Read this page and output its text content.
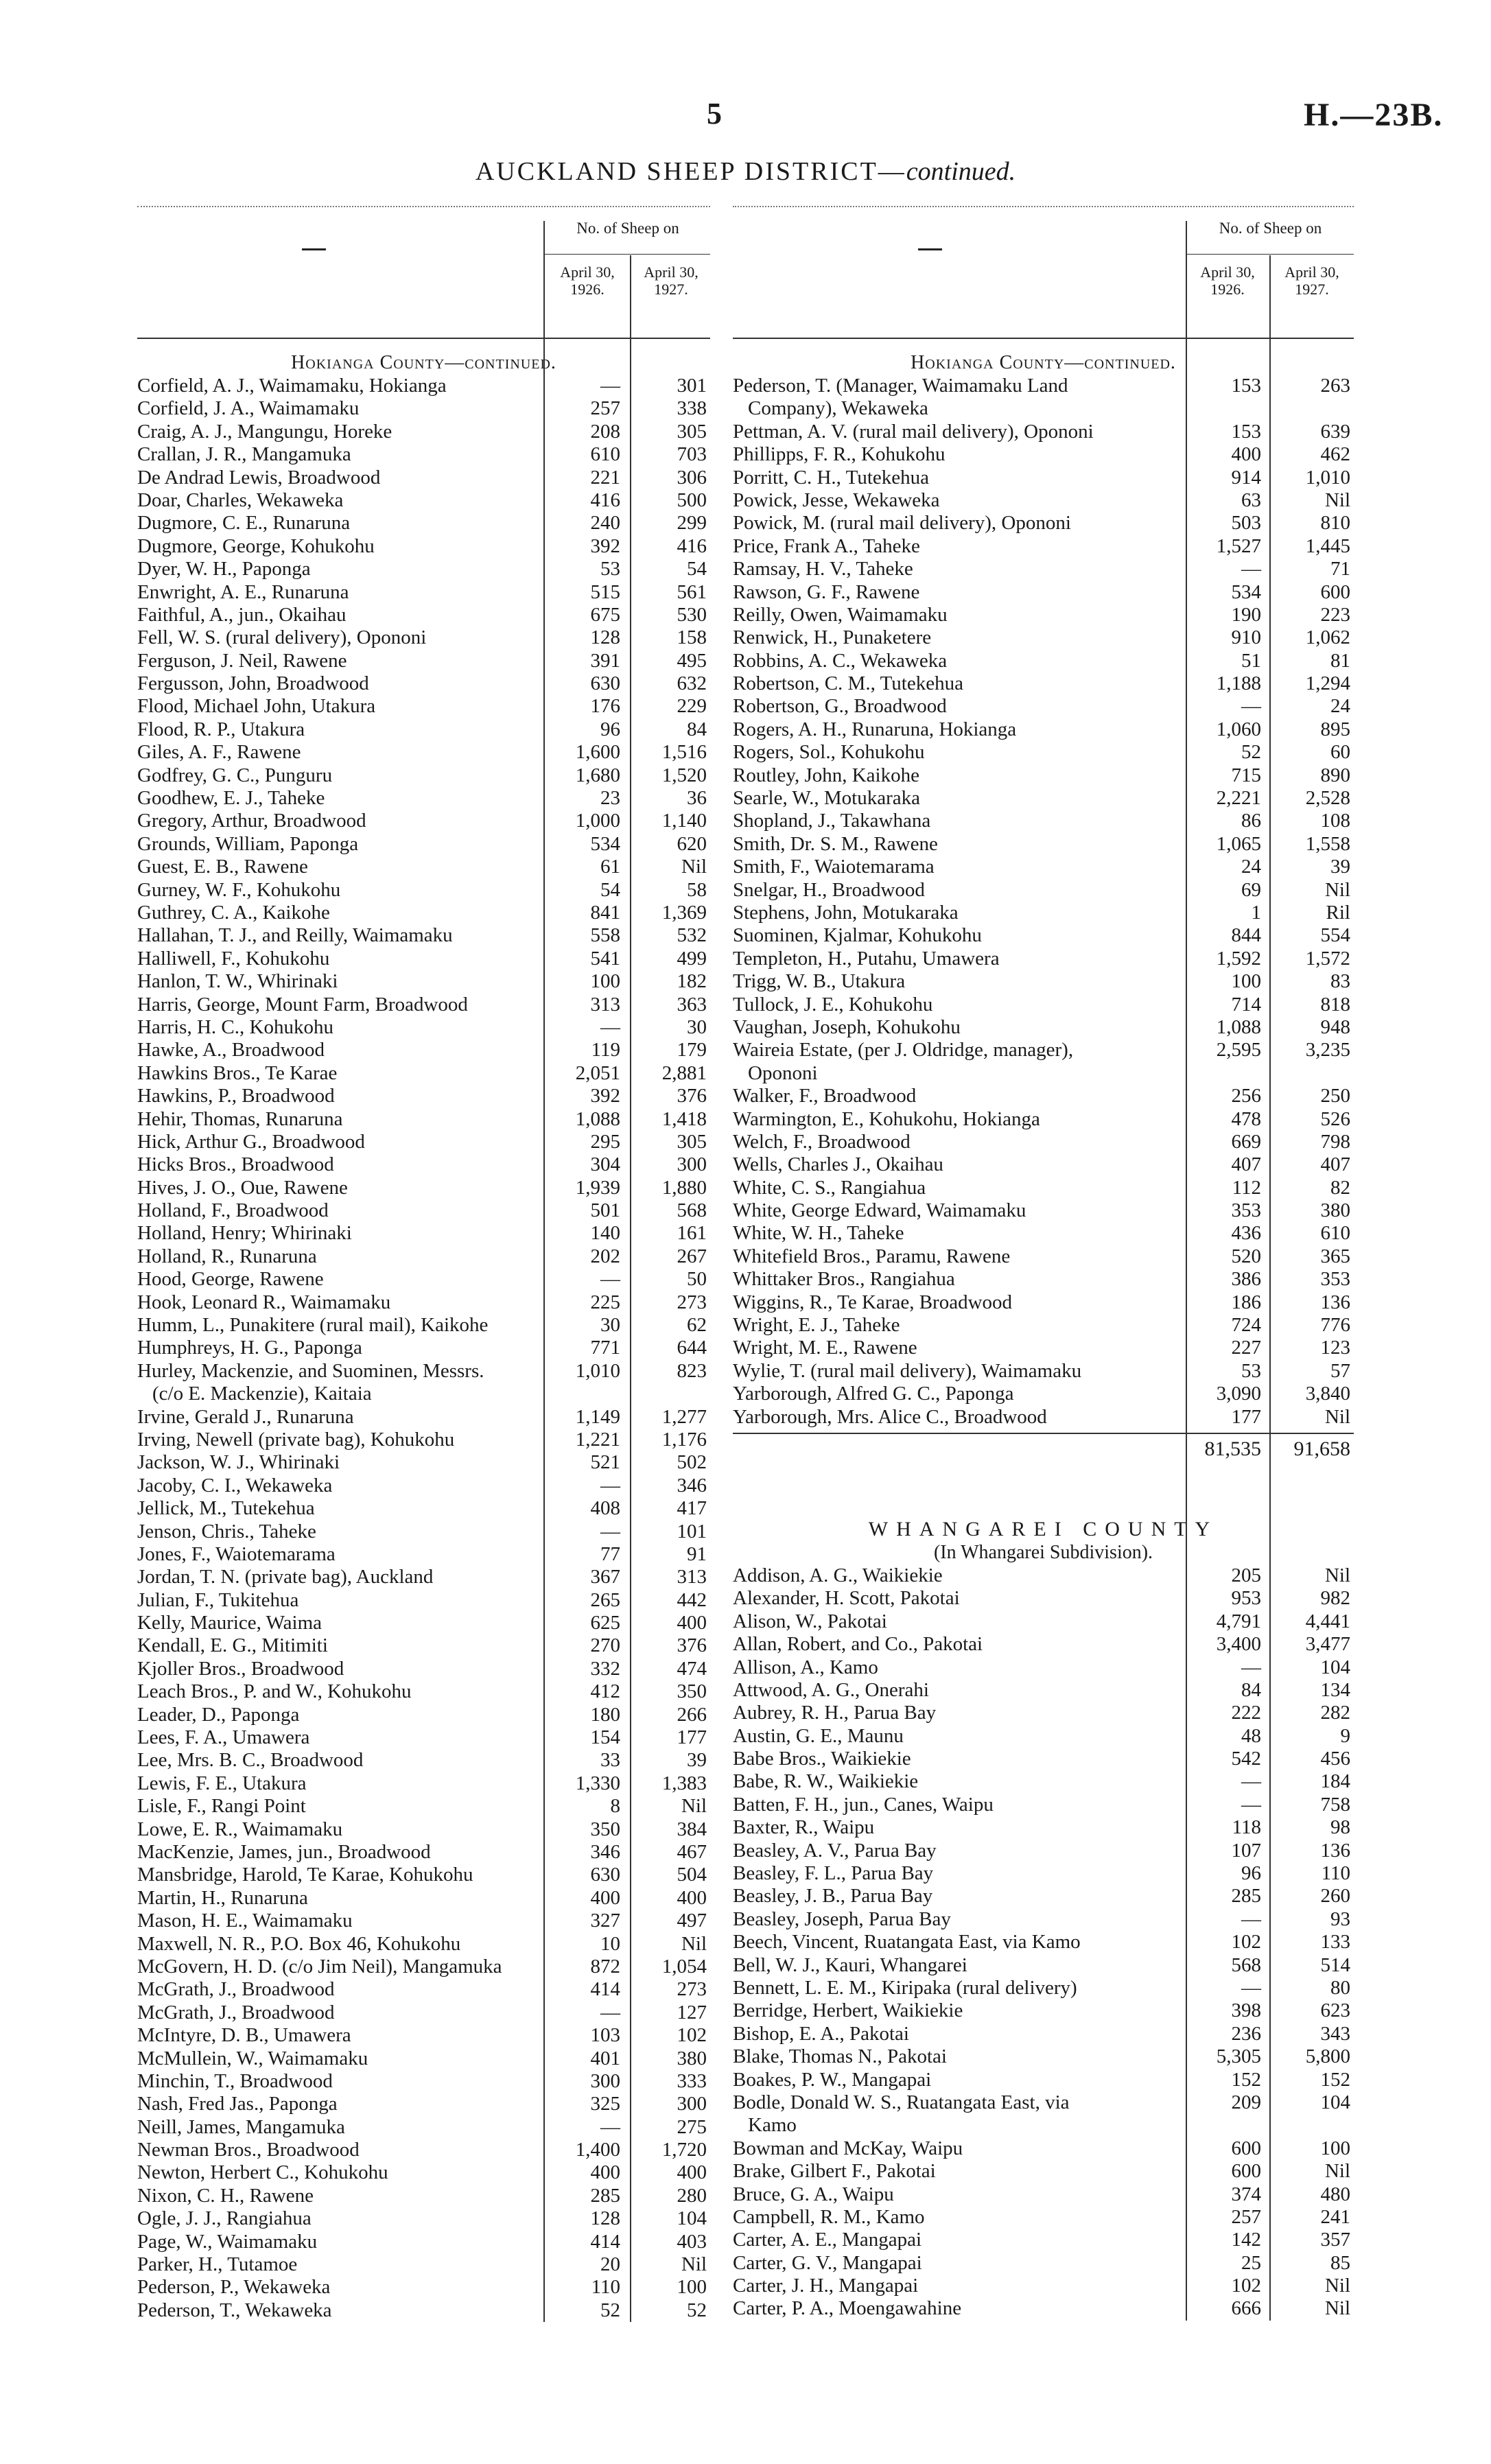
5	H.—23B.
AUCKLAND SHEEP DISTRICT—continued.
No. of Sheep on
April 30, 1926.
April 30, 1927.
Hokianga County—continued.
Corfield, A. J., Waimamaku, Hokianga	—	301
Corfield, J. A., Waimamaku	257	338
Craig, A. J., Mangungu, Horeke	208	305
Crallan, J. R., Mangamuka	610	703
De Andrad Lewis, Broadwood	221	306
Doar, Charles, Wekaweka	416	500
Dugmore, C. E., Runaruna	240	299
Dugmore, George, Kohukohu	392	416
Dyer, W. H., Paponga	53	54
Enwright, A. E., Runaruna	515	561
Faithful, A., jun., Okaihau	675	530
Fell, W. S. (rural delivery), Opononi	128	158
Ferguson, J. Neil, Rawene	391	495
Fergusson, John, Broadwood	630	632
Flood, Michael John, Utakura	176	229
Flood, R. P., Utakura	96	84
Giles, A. F., Rawene	1,600	1,516
Godfrey, G. C., Punguru	1,680	1,520
Goodhew, E. J., Taheke	23	36
Gregory, Arthur, Broadwood	1,000	1,140
Grounds, William, Paponga	534	620
Guest, E. B., Rawene	61	Nil
Gurney, W. F., Kohukohu	54	58
Guthrey, C. A., Kaikohe	841	1,369
Hallahan, T. J., and Reilly, Waimamaku	558	532
Halliwell, F., Kohukohu	541	499
Hanlon, T. W., Whirinaki	100	182
Harris, George, Mount Farm, Broadwood	313	363
Harris, H. C., Kohukohu	—	30
Hawke, A., Broadwood	119	179
Hawkins Bros., Te Karae	2,051	2,881
Hawkins, P., Broadwood	392	376
Hehir, Thomas, Runaruna	1,088	1,418
Hick, Arthur G., Broadwood	295	305
Hicks Bros., Broadwood	304	300
Hives, J. O., Oue, Rawene	1,939	1,880
Holland, F., Broadwood	501	568
Holland, Henry; Whirinaki	140	161
Holland, R., Runaruna	202	267
Hood, George, Rawene	—	50
Hook, Leonard R., Waimamaku	225	273
Humm, L., Punakitere (rural mail), Kaikohe	30	62
Humphreys, H. G., Paponga	771	644
Hurley, Mackenzie, and Suominen, Messrs.	1,010	823
(c/o E. Mackenzie), Kaitaia
Irvine, Gerald J., Runaruna	1,149	1,277
Irving, Newell (private bag), Kohukohu	1,221	1,176
Jackson, W. J., Whirinaki	521	502
Jacoby, C. I., Wekaweka	—	346
Jellick, M., Tutekehua	408	417
Jenson, Chris., Taheke	—	101
Jones, F., Waiotemarama	77	91
Jordan, T. N. (private bag), Auckland	367	313
Julian, F., Tukitehua	265	442
Kelly, Maurice, Waima	625	400
Kendall, E. G., Mitimiti	270	376
Kjoller Bros., Broadwood	332	474
Leach Bros., P. and W., Kohukohu	412	350
Leader, D., Paponga	180	266
Lees, F. A., Umawera	154	177
Lee, Mrs. B. C., Broadwood	33	39
Lewis, F. E., Utakura	1,330	1,383
Lisle, F., Rangi Point	8	Nil
Lowe, E. R., Waimamaku	350	384
MacKenzie, James, jun., Broadwood	346	467
Mansbridge, Harold, Te Karae, Kohukohu	630	504
Martin, H., Runaruna	400	400
Mason, H. E., Waimamaku	327	497
Maxwell, N. R., P.O. Box 46, Kohukohu	10	Nil
McGovern, H. D. (c/o Jim Neil), Mangamuka	872	1,054
McGrath, J., Broadwood	414	273
McGrath, J., Broadwood	—	127
McIntyre, D. B., Umawera	103	102
McMullein, W., Waimamaku	401	380
Minchin, T., Broadwood	300	333
Nash, Fred Jas., Paponga	325	300
Neill, James, Mangamuka	—	275
Newman Bros., Broadwood	1,400	1,720
Newton, Herbert C., Kohukohu	400	400
Nixon, C. H., Rawene	285	280
Ogle, J. J., Rangiahua	128	104
Page, W., Waimamaku	414	403
Parker, H., Tutamoe	20	Nil
Pederson, P., Wekaweka	110	100
Pederson, T., Wekaweka	52	52
No. of Sheep on
April 30, 1926.
April 30, 1927.
Hokianga County—continued.
Pederson, T. (Manager, Waimamaku Land	153	263
Company), Wekaweka
Pettman, A. V. (rural mail delivery), Opononi	153	639
Phillipps, F. R., Kohukohu	400	462
Porritt, C. H., Tutekehua	914	1,010
Powick, Jesse, Wekaweka	63	Nil
Powick, M. (rural mail delivery), Opononi	503	810
Price, Frank A., Taheke	1,527	1,445
Ramsay, H. V., Taheke	—	71
Rawson, G. F., Rawene	534	600
Reilly, Owen, Waimamaku	190	223
Renwick, H., Punaketere	910	1,062
Robbins, A. C., Wekaweka	51	81
Robertson, C. M., Tutekehua	1,188	1,294
Robertson, G., Broadwood	—	24
Rogers, A. H., Runaruna, Hokianga	1,060	895
Rogers, Sol., Kohukohu	52	60
Routley, John, Kaikohe	715	890
Searle, W., Motukaraka	2,221	2,528
Shopland, J., Takawhana	86	108
Smith, Dr. S. M., Rawene	1,065	1,558
Smith, F., Waiotemarama	24	39
Snelgar, H., Broadwood	69	Nil
Stephens, John, Motukaraka	1	Ril
Suominen, Kjalmar, Kohukohu	844	554
Templeton, H., Putahu, Umawera	1,592	1,572
Trigg, W. B., Utakura	100	83
Tullock, J. E., Kohukohu	714	818
Vaughan, Joseph, Kohukohu	1,088	948
Waireia Estate, (per J. Oldridge, manager),	2,595	3,235
Opononi
Walker, F., Broadwood	256	250
Warmington, E., Kohukohu, Hokianga	478	526
Welch, F., Broadwood	669	798
Wells, Charles J., Okaihau	407	407
White, C. S., Rangiahua	112	82
White, George Edward, Waimamaku	353	380
White, W. H., Taheke	436	610
Whitefield Bros., Paramu, Rawene	520	365
Whittaker Bros., Rangiahua	386	353
Wiggins, R., Te Karae, Broadwood	186	136
Wright, E. J., Taheke	724	776
Wright, M. E., Rawene	227	123
Wylie, T. (rural mail delivery), Waimamaku	53	57
Yarborough, Alfred G. C., Paponga	3,090	3,840
Yarborough, Mrs. Alice C., Broadwood	177	Nil
81,535	91,658
WHANGAREI COUNTY
(In Whangarei Subdivision).
Addison, A. G., Waikiekie	205	Nil
Alexander, H. Scott, Pakotai	953	982
Alison, W., Pakotai	4,791	4,441
Allan, Robert, and Co., Pakotai	3,400	3,477
Allison, A., Kamo	—	104
Attwood, A. G., Onerahi	84	134
Aubrey, R. H., Parua Bay	222	282
Austin, G. E., Maunu	48	9
Babe Bros., Waikiekie	542	456
Babe, R. W., Waikiekie	—	184
Batten, F. H., jun., Canes, Waipu	—	758
Baxter, R., Waipu	118	98
Beasley, A. V., Parua Bay	107	136
Beasley, F. L., Parua Bay	96	110
Beasley, J. B., Parua Bay	285	260
Beasley, Joseph, Parua Bay	—	93
Beech, Vincent, Ruatangata East, via Kamo	102	133
Bell, W. J., Kauri, Whangarei	568	514
Bennett, L. E. M., Kiripaka (rural delivery)	—	80
Berridge, Herbert, Waikiekie	398	623
Bishop, E. A., Pakotai	236	343
Blake, Thomas N., Pakotai	5,305	5,800
Boakes, P. W., Mangapai	152	152
Bodle, Donald W. S., Ruatangata East, via	209	104
Kamo
Bowman and McKay, Waipu	600	100
Brake, Gilbert F., Pakotai	600	Nil
Bruce, G. A., Waipu	374	480
Campbell, R. M., Kamo	257	241
Carter, A. E., Mangapai	142	357
Carter, G. V., Mangapai	25	85
Carter, J. H., Mangapai	102	Nil
Carter, P. A., Moengawahine	666	Nil
